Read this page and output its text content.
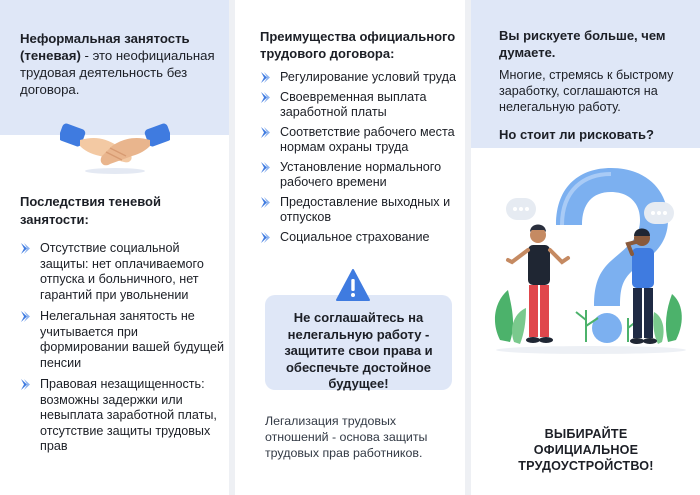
Неформальная занятость (теневая) - это неофициальная трудовая деятельность без договора.
Последствия теневой занятости:
Отсутствие социальной защиты: нет оплачиваемого отпуска и больничного, нет гарантий при увольнении
Нелегальная занятость не учитывается при формировании вашей будущей пенсии
Правовая незащищенность: возможны задержки или невыплата заработной платы, отсутствие защиты трудовых прав
Преимущества официального трудового договора:
Регулирование условий труда
Своевременная выплата заработной платы
Соответствие рабочего места нормам охраны труда
Установление нормального рабочего времени
Предоставление выходных и отпусков
Социальное страхование
Не соглашайтесь на нелегальную работу - защитите свои права и обеспечьте достойное будущее!
Легализация трудовых отношений - основа защиты трудовых прав работников.
Вы рискуете больше, чем думаете.
Многие, стремясь к быстрому заработку, соглашаются на нелегальную работу.
Но стоит ли рисковать?
ВЫБИРАЙТЕ ОФИЦИАЛЬНОЕ ТРУДОУСТРОЙСТВО!
